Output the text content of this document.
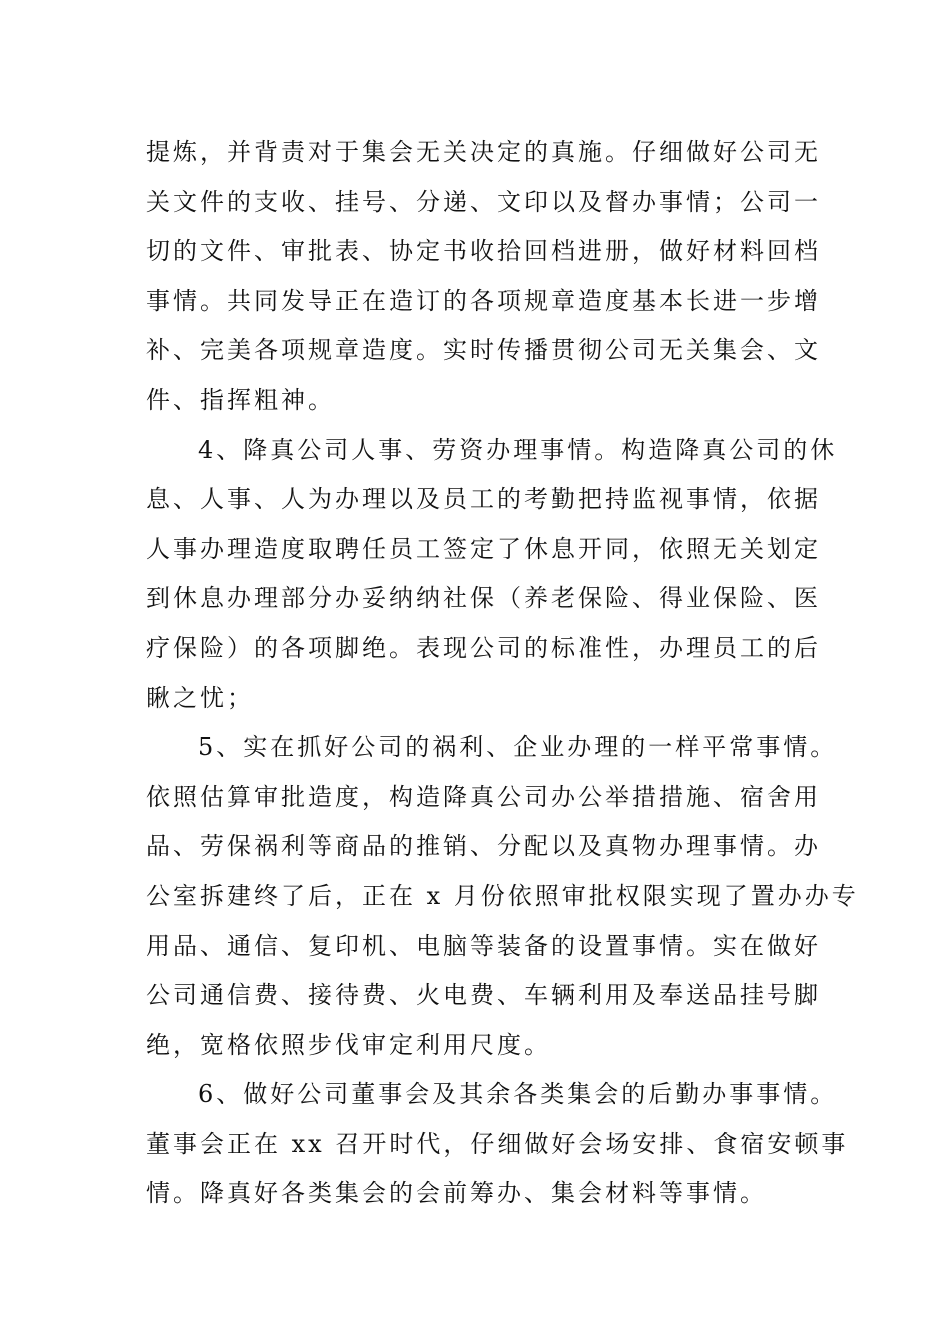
提炼，并背责对于集会无关决定的真施。仔细做好公司无
关文件的支收、挂号、分递、文印以及督办事情；公司一
切的文件、审批表、协定书收拾回档进册，做好材料回档
事情。共同发导正在造订的各项规章造度基本长进一步增
补、完美各项规章造度。实时传播贯彻公司无关集会、文
件、指挥粗神。
4、降真公司人事、劳资办理事情。构造降真公司的休
息、人事、人为办理以及员工的考勤把持监视事情，依据
人事办理造度取聘任员工签定了休息开同，依照无关划定
到休息办理部分办妥纳纳社保（养老保险、得业保险、医
疗保险）的各项脚绝。表现公司的标准性，办理员工的后
瞅之忧；
5、实在抓好公司的祸利、企业办理的一样平常事情。
依照估算审批造度，构造降真公司办公举措措施、宿舍用
品、劳保祸利等商品的推销、分配以及真物办理事情。办
公室拆建终了后，正在 x 月份依照审批权限实现了置办办专
用品、通信、复印机、电脑等装备的设置事情。实在做好
公司通信费、接待费、火电费、车辆利用及奉送品挂号脚
绝，宽格依照步伐审定利用尺度。
6、做好公司董事会及其余各类集会的后勤办事事情。
董事会正在 xx 召开时代，仔细做好会场安排、食宿安顿事
情。降真好各类集会的会前筹办、集会材料等事情。
